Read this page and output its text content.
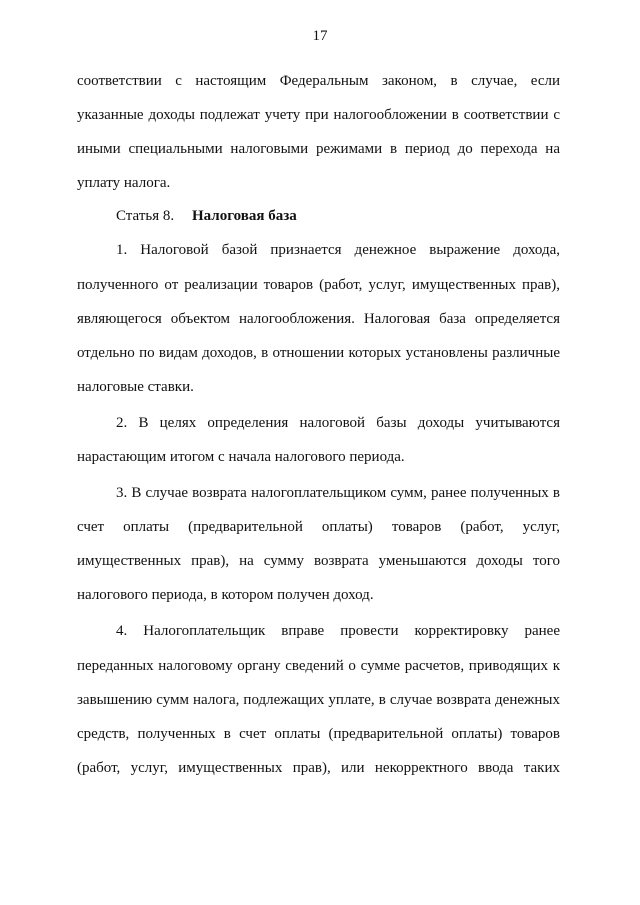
17
соответствии с настоящим Федеральным законом, в случае, если
указанные доходы подлежат учету при налогообложении в соответствии с
иными специальными налоговыми режимами в период до перехода на
уплату налога.
Статья 8. Налоговая база
1. Налоговой базой признается денежное выражение дохода,
полученного от реализации товаров (работ, услуг, имущественных прав),
являющегося объектом налогообложения. Налоговая база определяется
отдельно по видам доходов, в отношении которых установлены различные
налоговые ставки.
2. В целях определения налоговой базы доходы учитываются
нарастающим итогом с начала налогового периода.
3. В случае возврата налогоплательщиком сумм, ранее полученных в
счет оплаты (предварительной оплаты) товаров (работ, услуг,
имущественных прав), на сумму возврата уменьшаются доходы того
налогового периода, в котором получен доход.
4. Налогоплательщик вправе провести корректировку ранее
переданных налоговому органу сведений о сумме расчетов, приводящих к
завышению сумм налога, подлежащих уплате, в случае возврата денежных
средств, полученных в счет оплаты (предварительной оплаты) товаров
(работ, услуг, имущественных прав), или некорректного ввода таких
